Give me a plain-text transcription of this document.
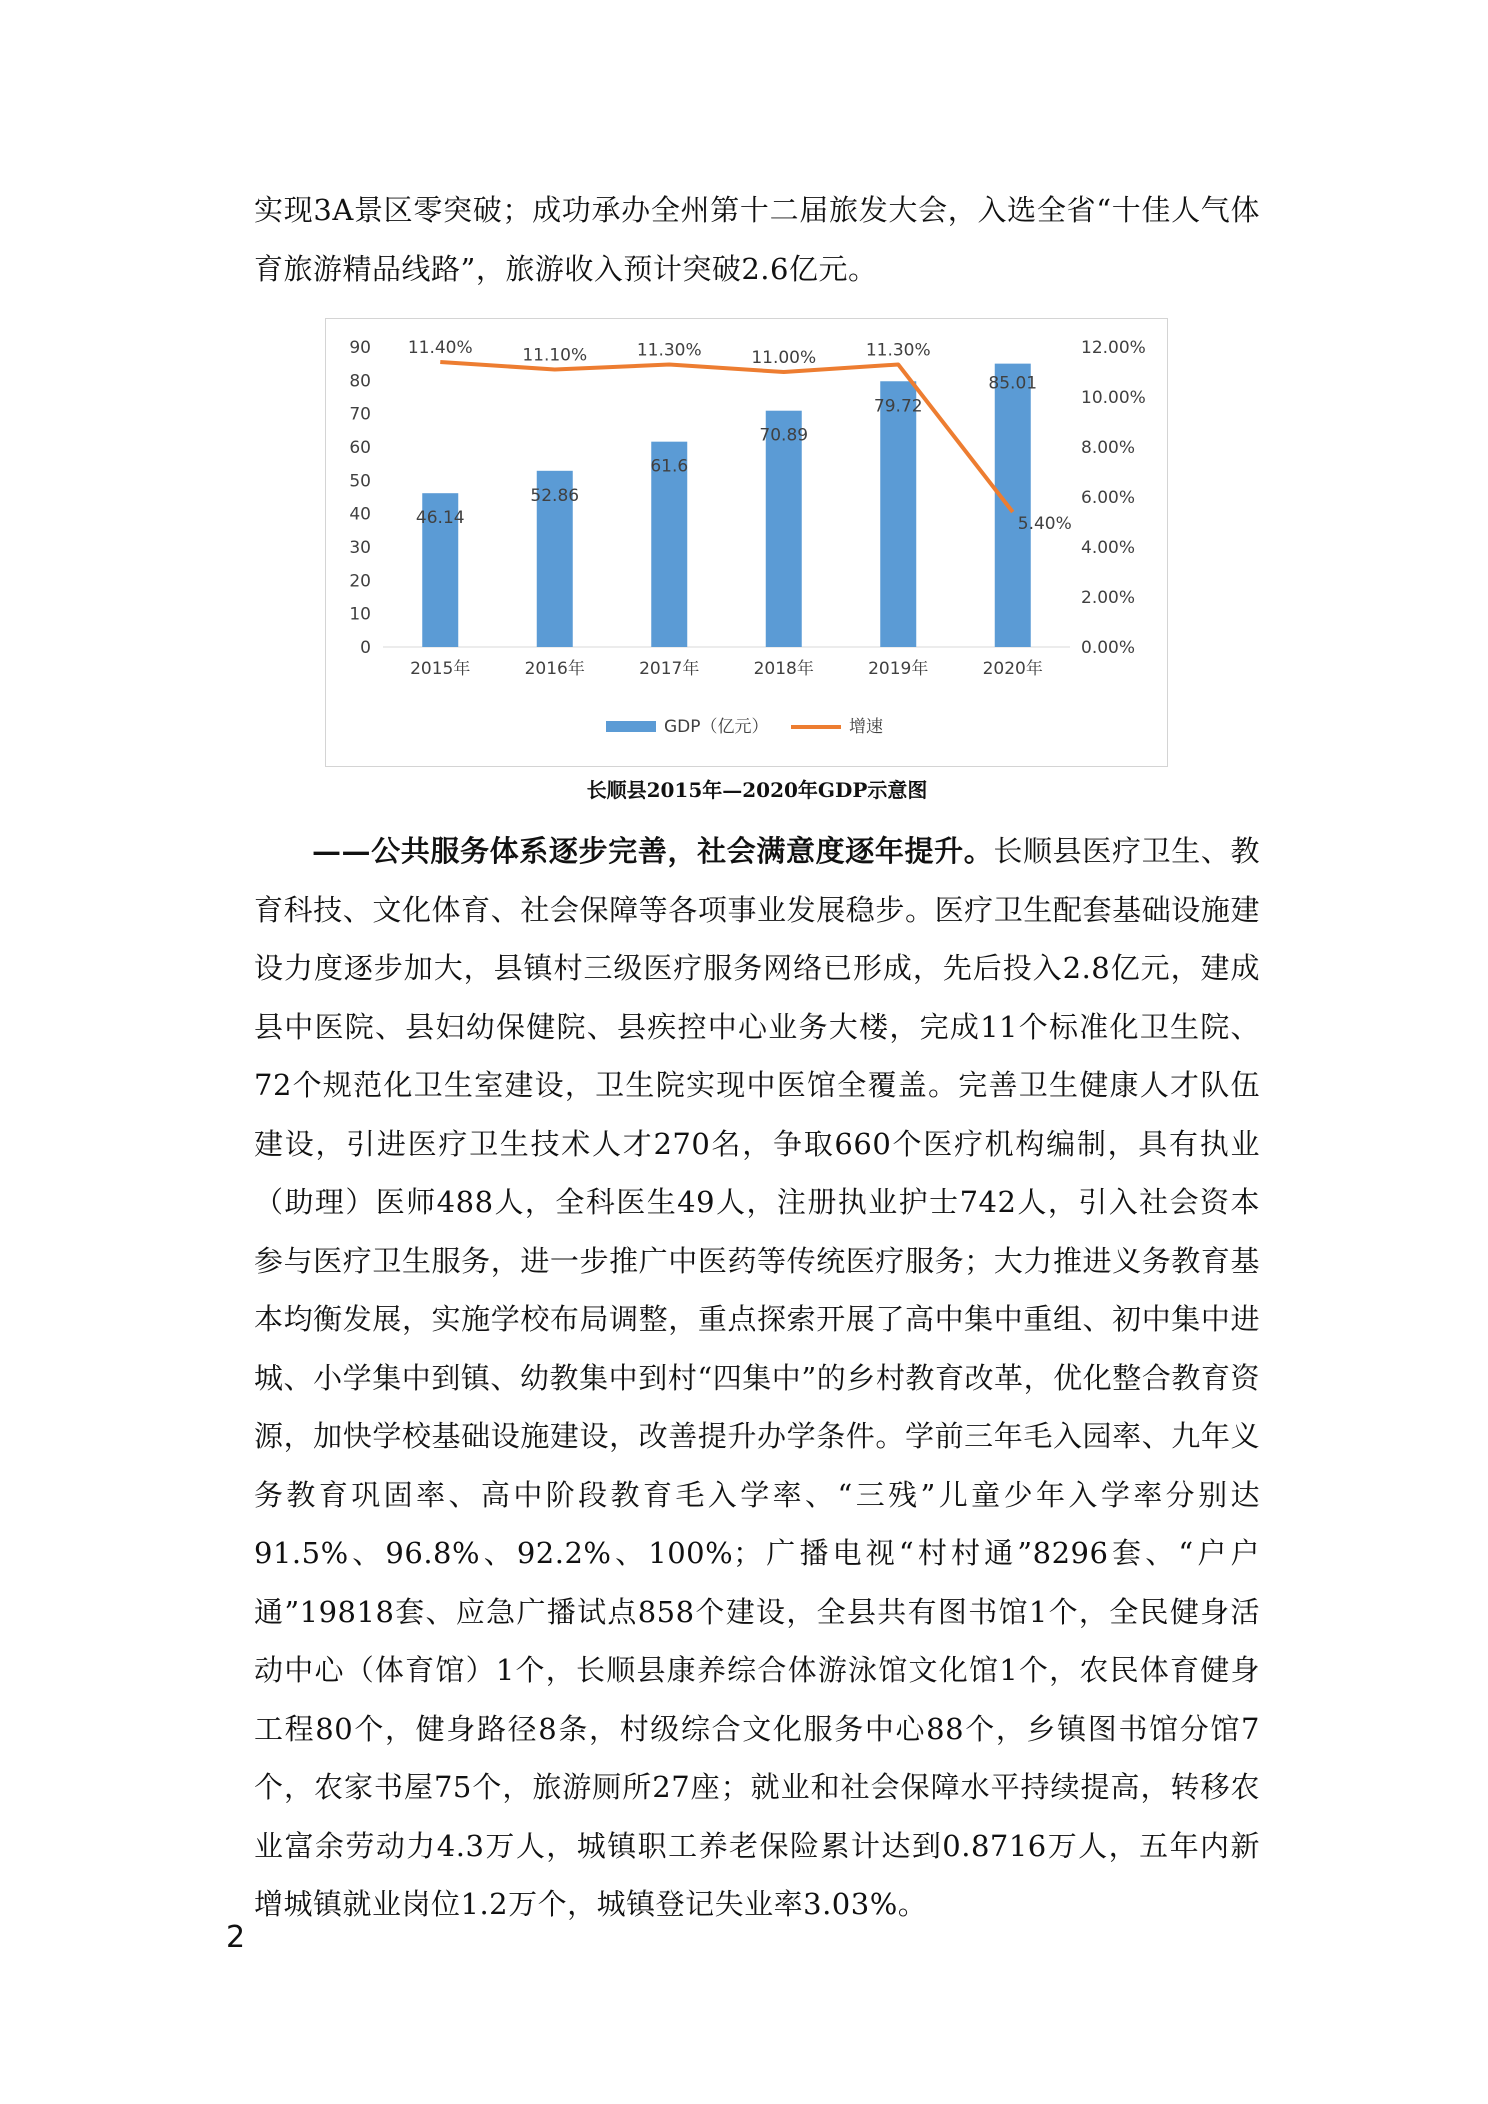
实现3A景区零突破；成功承办全州第十二届旅发大会，入选全省“十佳人气体育旅游精品线路”，旅游收入预计突破2.6亿元。

0
10
20
30
40
50
60
70
80
90
0.00%
2.00%
4.00%
6.00%
8.00%
10.00%
12.00%
2015年	2016年	2017年	2018年	2019年	2020年
46.14
52.86
61.6
70.89
79.72
85.01
11.40%	11.10%	11.30%	11.00%	11.30%
5.40%
GDP（亿元）	增速
长顺县2015年—2020年GDP示意图

——公共服务体系逐步完善，社会满意度逐年提升。长顺县医疗卫生、教育科技、文化体育、社会保障等各项事业发展稳步。医疗卫生配套基础设施建设力度逐步加大，县镇村三级医疗服务网络已形成，先后投入2.8亿元，建成县中医院、县妇幼保健院、县疾控中心业务大楼，完成11个标准化卫生院、72个规范化卫生室建设，卫生院实现中医馆全覆盖。完善卫生健康人才队伍建设，引进医疗卫生技术人才270名，争取660个医疗机构编制，具有执业（助理）医师488人，全科医生49人，注册执业护士742人，引入社会资本参与医疗卫生服务，进一步推广中医药等传统医疗服务；大力推进义务教育基本均衡发展，实施学校布局调整，重点探索开展了高中集中重组、初中集中进城、小学集中到镇、幼教集中到村“四集中”的乡村教育改革，优化整合教育资源，加快学校基础设施建设，改善提升办学条件。学前三年毛入园率、九年义务教育巩固率、高中阶段教育毛入学率、“三残”儿童少年入学率分别达91.5%、96.8%、92.2%、100%；广播电视“村村通”8296套、“户户通”19818套、应急广播试点858个建设，全县共有图书馆1个，全民健身活动中心（体育馆）1个，长顺县康养综合体游泳馆文化馆1个，农民体育健身工程80个，健身路径8条，村级综合文化服务中心88个，乡镇图书馆分馆7个，农家书屋75个，旅游厕所27座；就业和社会保障水平持续提高，转移农业富余劳动力4.3万人，城镇职工养老保险累计达到0.8716万人，五年内新增城镇就业岗位1.2万个，城镇登记失业率3.03%。

2
